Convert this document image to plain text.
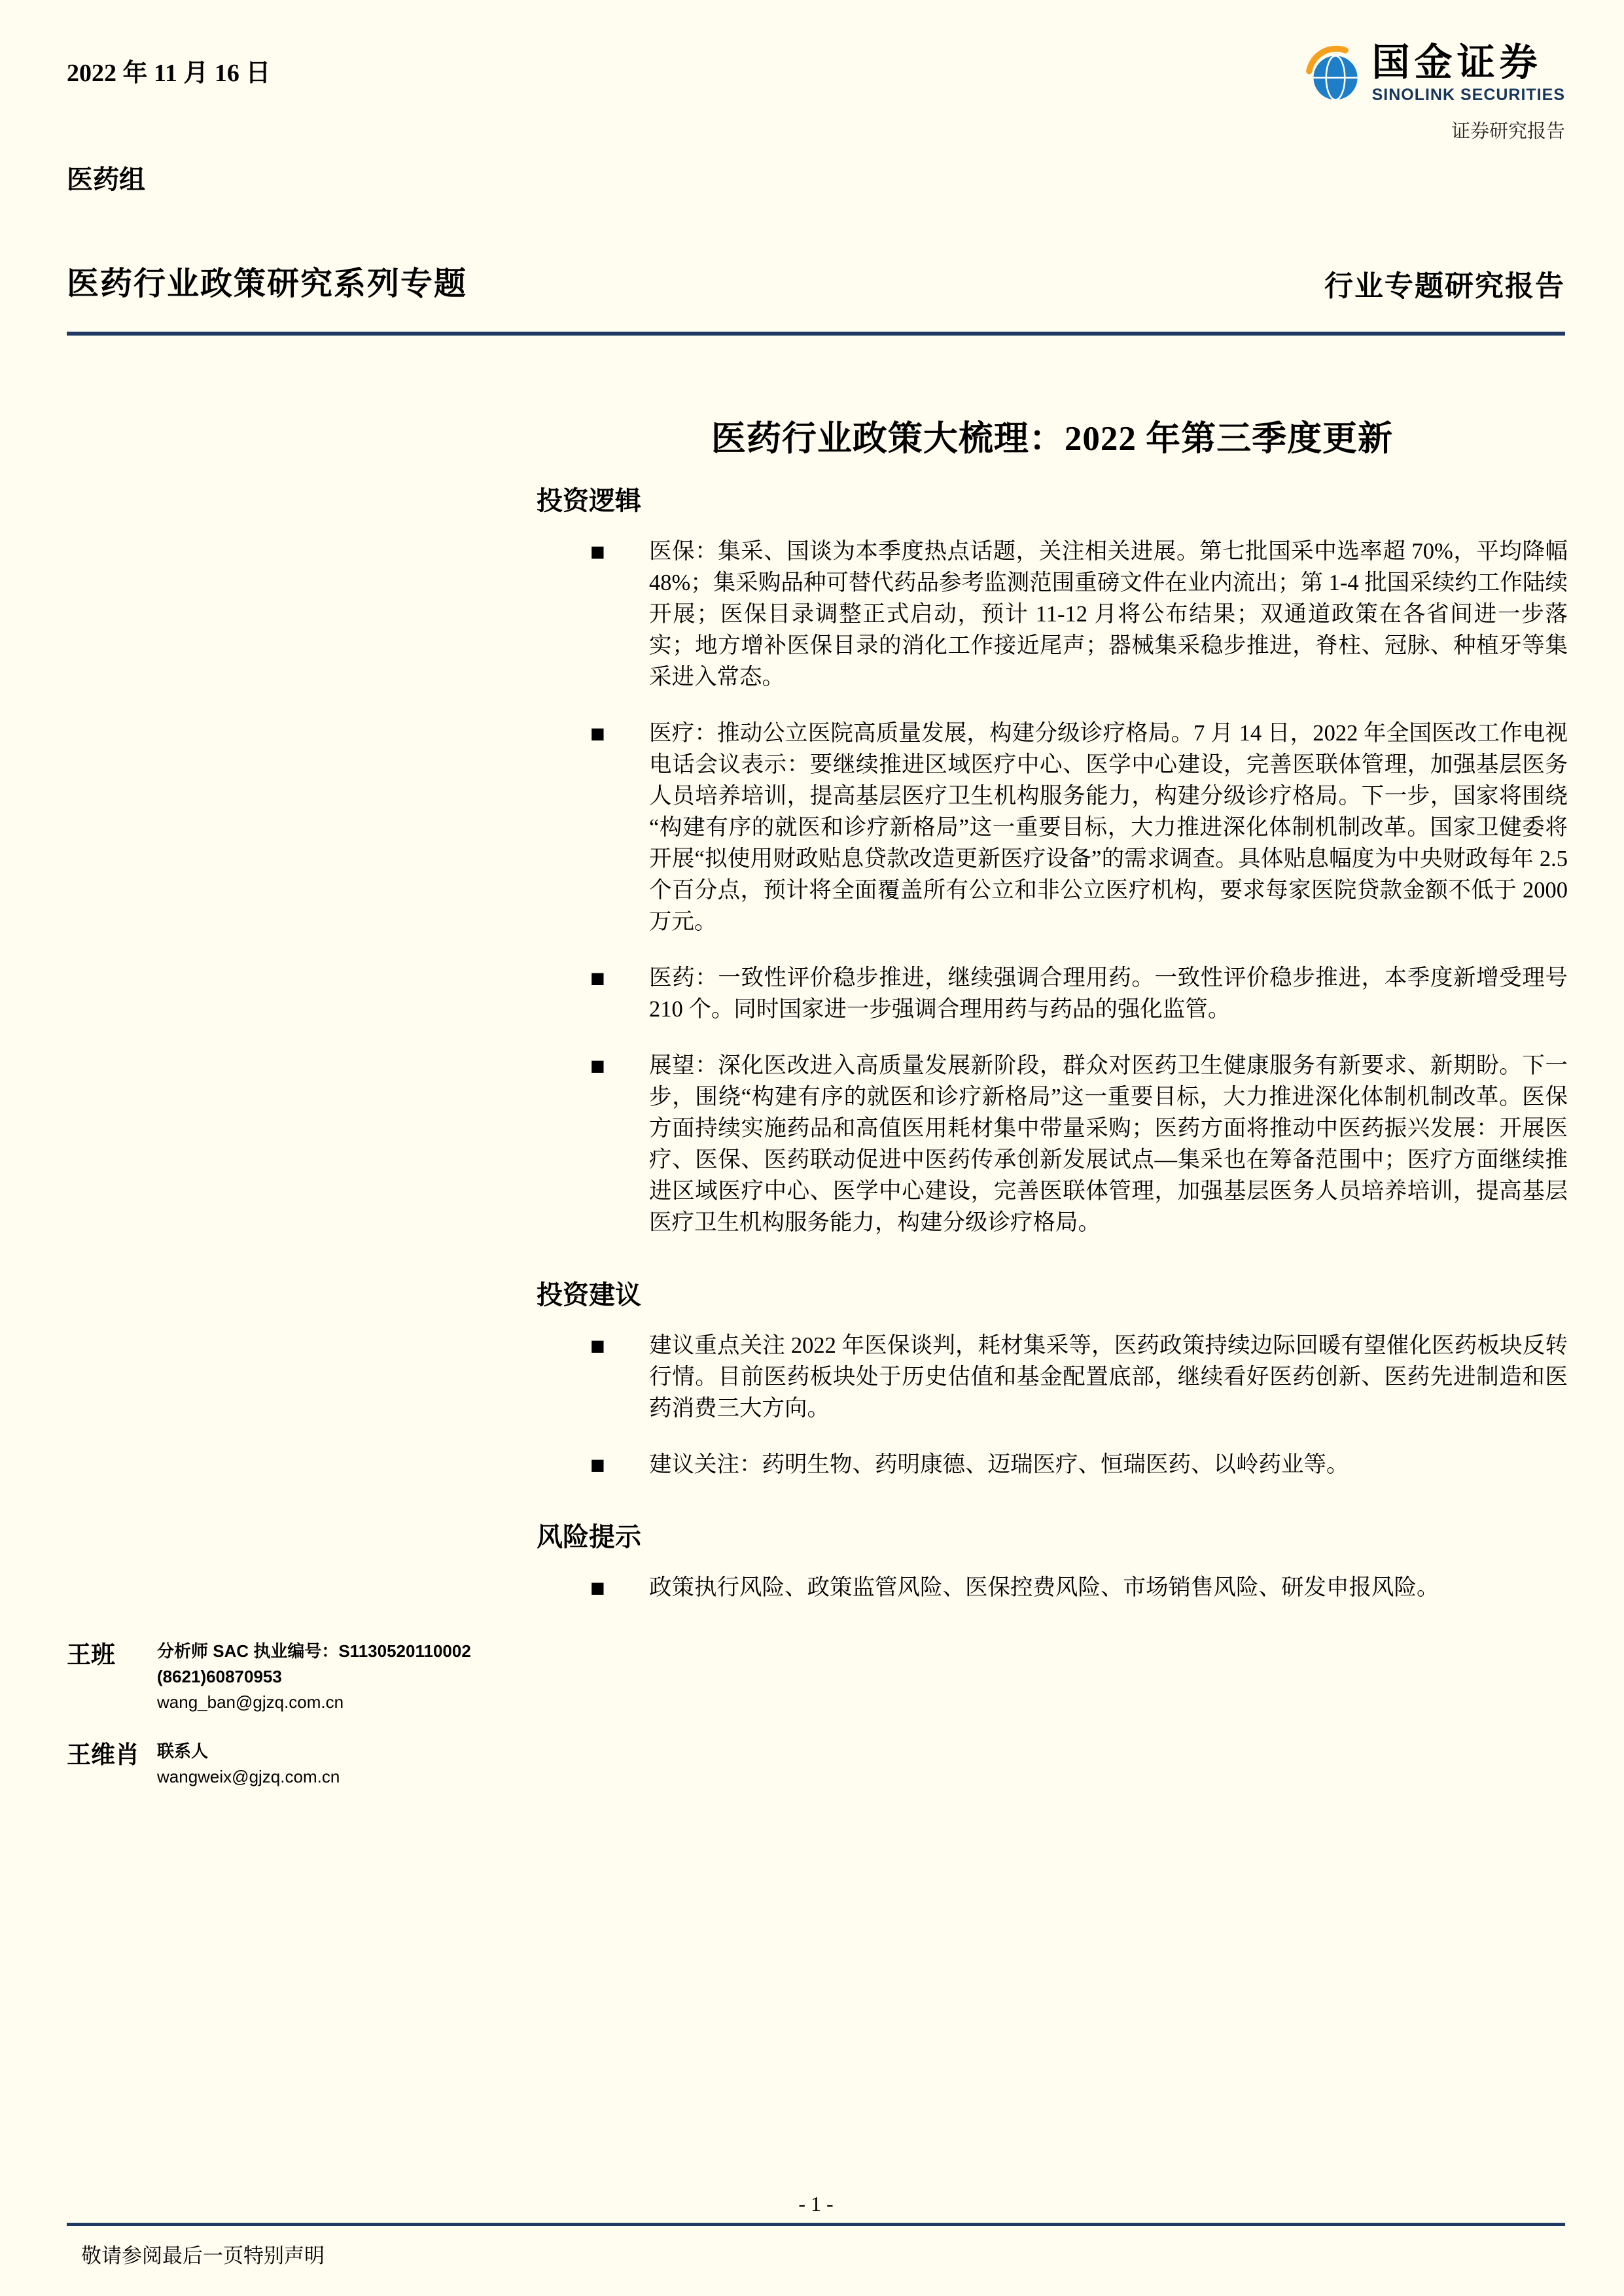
2022 年 11 月 16 日	国金证券
SINOLINK SECURITIES
证券研究报告
医药组
医药行业政策研究系列专题	行业专题研究报告
医药行业政策大梳理：2022 年第三季度更新
投资逻辑
■	医保：集采、国谈为本季度热点话题，关注相关进展。第七批国采中选率超 70%，平均降幅 48%；集采购品种可替代药品参考监测范围重磅文件在业内流出；第 1-4 批国采续约工作陆续开展；医保目录调整正式启动，预计 11-12 月将公布结果；双通道政策在各省间进一步落实；地方增补医保目录的消化工作接近尾声；器械集采稳步推进，脊柱、冠脉、种植牙等集采进入常态。

■	医疗：推动公立医院高质量发展，构建分级诊疗格局。7 月 14 日，2022 年全国医改工作电视电话会议表示：要继续推进区域医疗中心、医学中心建设，完善医联体管理，加强基层医务人员培养培训，提高基层医疗卫生机构服务能力，构建分级诊疗格局。下一步，国家将围绕“构建有序的就医和诊疗新格局”这一重要目标，大力推进深化体制机制改革。国家卫健委将开展“拟使用财政贴息贷款改造更新医疗设备”的需求调查。具体贴息幅度为中央财政每年 2.5 个百分点，预计将全面覆盖所有公立和非公立医疗机构，要求每家医院贷款金额不低于 2000 万元。

■	医药：一致性评价稳步推进，继续强调合理用药。一致性评价稳步推进，本季度新增受理号 210 个。同时国家进一步强调合理用药与药品的强化监管。

■	展望：深化医改进入高质量发展新阶段，群众对医药卫生健康服务有新要求、新期盼。下一步，围绕“构建有序的就医和诊疗新格局”这一重要目标，大力推进深化体制机制改革。医保方面持续实施药品和高值医用耗材集中带量采购；医药方面将推动中医药振兴发展：开展医疗、医保、医药联动促进中医药传承创新发展试点—集采也在筹备范围中；医疗方面继续推进区域医疗中心、医学中心建设，完善医联体管理，加强基层医务人员培养培训，提高基层医疗卫生机构服务能力，构建分级诊疗格局。

投资建议
■	建议重点关注 2022 年医保谈判，耗材集采等，医药政策持续边际回暖有望催化医药板块反转行情。目前医药板块处于历史估值和基金配置底部，继续看好医药创新、医药先进制造和医药消费三大方向。

■	建议关注：药明生物、药明康德、迈瑞医疗、恒瑞医药、以岭药业等。

风险提示
■	政策执行风险、政策监管风险、医保控费风险、市场销售风险、研发申报风险。

王班	分析师 SAC 执业编号：S1130520110002
(8621)60870953
wang_ban@gjzq.com.cn
王维肖	联系人
wangweix@gjzq.com.cn
- 1 -
敬请参阅最后一页特别声明
